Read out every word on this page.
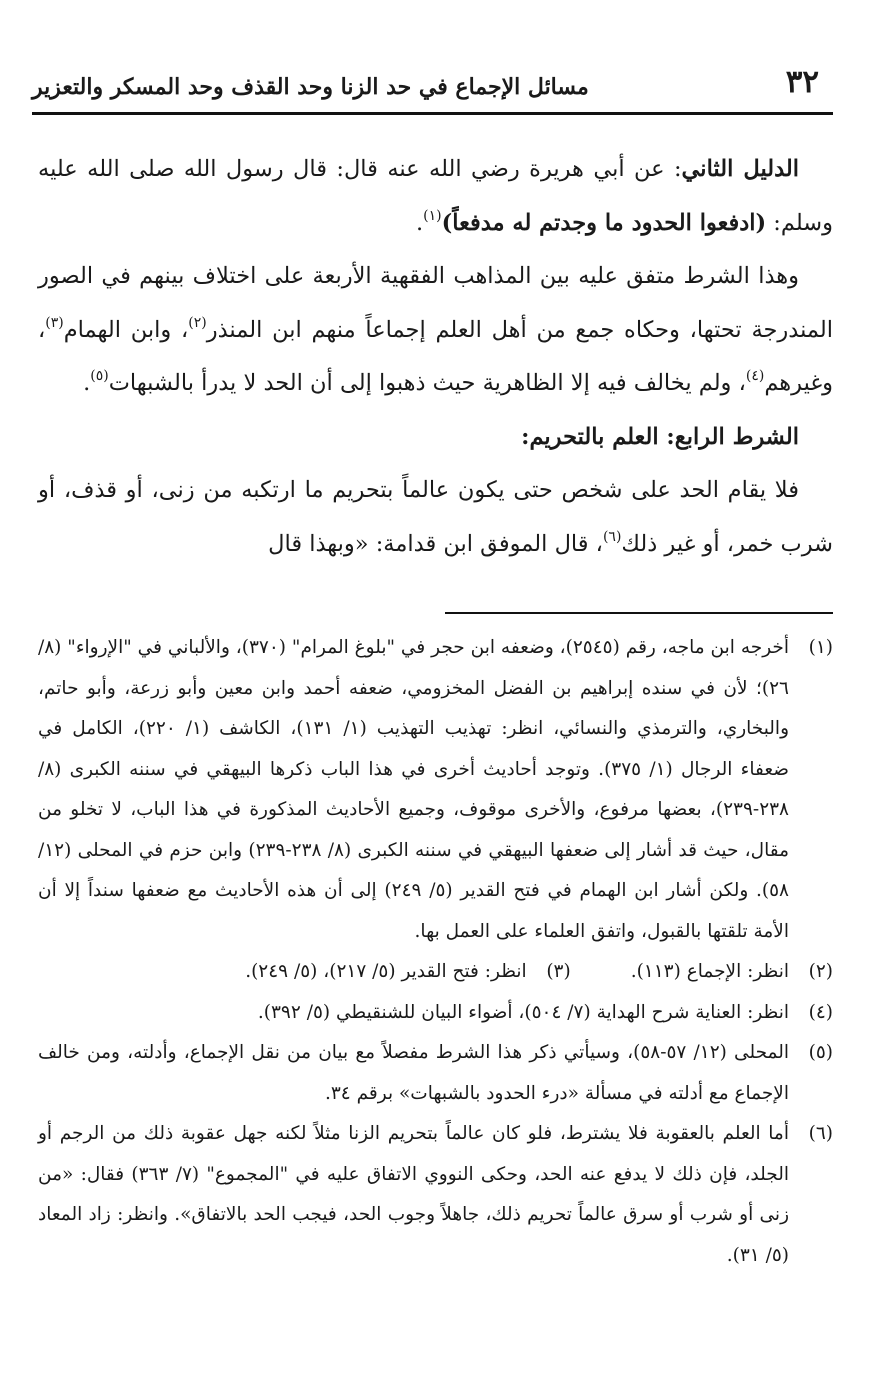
٣٢
مسائل الإجماع في حد الزنا وحد القذف وحد المسكر والتعزير

الدليل الثاني: عن أبي هريرة رضي الله عنه قال: قال رسول الله صلى الله عليه وسلم: (ادفعوا الحدود ما وجدتم له مدفعاً)$^{(١)}$.

وهذا الشرط متفق عليه بين المذاهب الفقهية الأربعة على اختلاف بينهم في الصور المندرجة تحتها، وحكاه جمع من أهل العلم إجماعاً منهم ابن المنذر$^{(٢)}$، وابن الهمام$^{(٣)}$، وغيرهم$^{(٤)}$، ولم يخالف فيه إلا الظاهرية حيث ذهبوا إلى أن الحد لا يدرأ بالشبهات$^{(٥)}$.

الشرط الرابع: العلم بالتحريم:

فلا يقام الحد على شخص حتى يكون عالماً بتحريم ما ارتكبه من زنى، أو قذف، أو شرب خمر، أو غير ذلك$^{(٦)}$، قال الموفق ابن قدامة: «وبهذا قال

(١)
أخرجه ابن ماجه، رقم (٢٥٤٥)، وضعفه ابن حجر في "بلوغ المرام" (٣٧٠)، والألباني في "الإرواء" (٨/ ٢٦)؛ لأن في سنده إبراهيم بن الفضل المخزومي، ضعفه أحمد وابن معين وأبو زرعة، وأبو حاتم، والبخاري، والترمذي والنسائي، انظر: تهذيب التهذيب (١/ ١٣١)، الكاشف (١/ ٢٢٠)، الكامل في ضعفاء الرجال (١/ ٣٧٥). وتوجد أحاديث أخرى في هذا الباب ذكرها البيهقي في سننه الكبرى (٨/ ٢٣٨-٢٣٩)، بعضها مرفوع، والأخرى موقوف، وجميع الأحاديث المذكورة في هذا الباب، لا تخلو من مقال، حيث قد أشار إلى ضعفها البيهقي في سننه الكبرى (٨/ ٢٣٨-٢٣٩) وابن حزم في المحلى (١٢/ ٥٨). ولكن أشار ابن الهمام في فتح القدير (٥/ ٢٤٩) إلى أن هذه الأحاديث مع ضعفها سنداً إلا أن الأمة تلقتها بالقبول، واتفق العلماء على العمل بها.
(٢)
انظر: الإجماع (١١٣).
(٣)
انظر: فتح القدير (٥/ ٢١٧)، (٥/ ٢٤٩).
(٤)
انظر: العناية شرح الهداية (٧/ ٥٠٤)، أضواء البيان للشنقيطي (٥/ ٣٩٢).
(٥)
المحلى (١٢/ ٥٧-٥٨)، وسيأتي ذكر هذا الشرط مفصلاً مع بيان من نقل الإجماع، وأدلته، ومن خالف الإجماع مع أدلته في مسألة «درء الحدود بالشبهات» برقم ٣٤.
(٦)
أما العلم بالعقوبة فلا يشترط، فلو كان عالماً بتحريم الزنا مثلاً لكنه جهل عقوبة ذلك من الرجم أو الجلد، فإن ذلك لا يدفع عنه الحد، وحكى النووي الاتفاق عليه في "المجموع" (٧/ ٣٦٣) فقال: «من زنى أو شرب أو سرق عالماً تحريم ذلك، جاهلاً وجوب الحد، فيجب الحد بالاتفاق». وانظر: زاد المعاد (٥/ ٣١).
